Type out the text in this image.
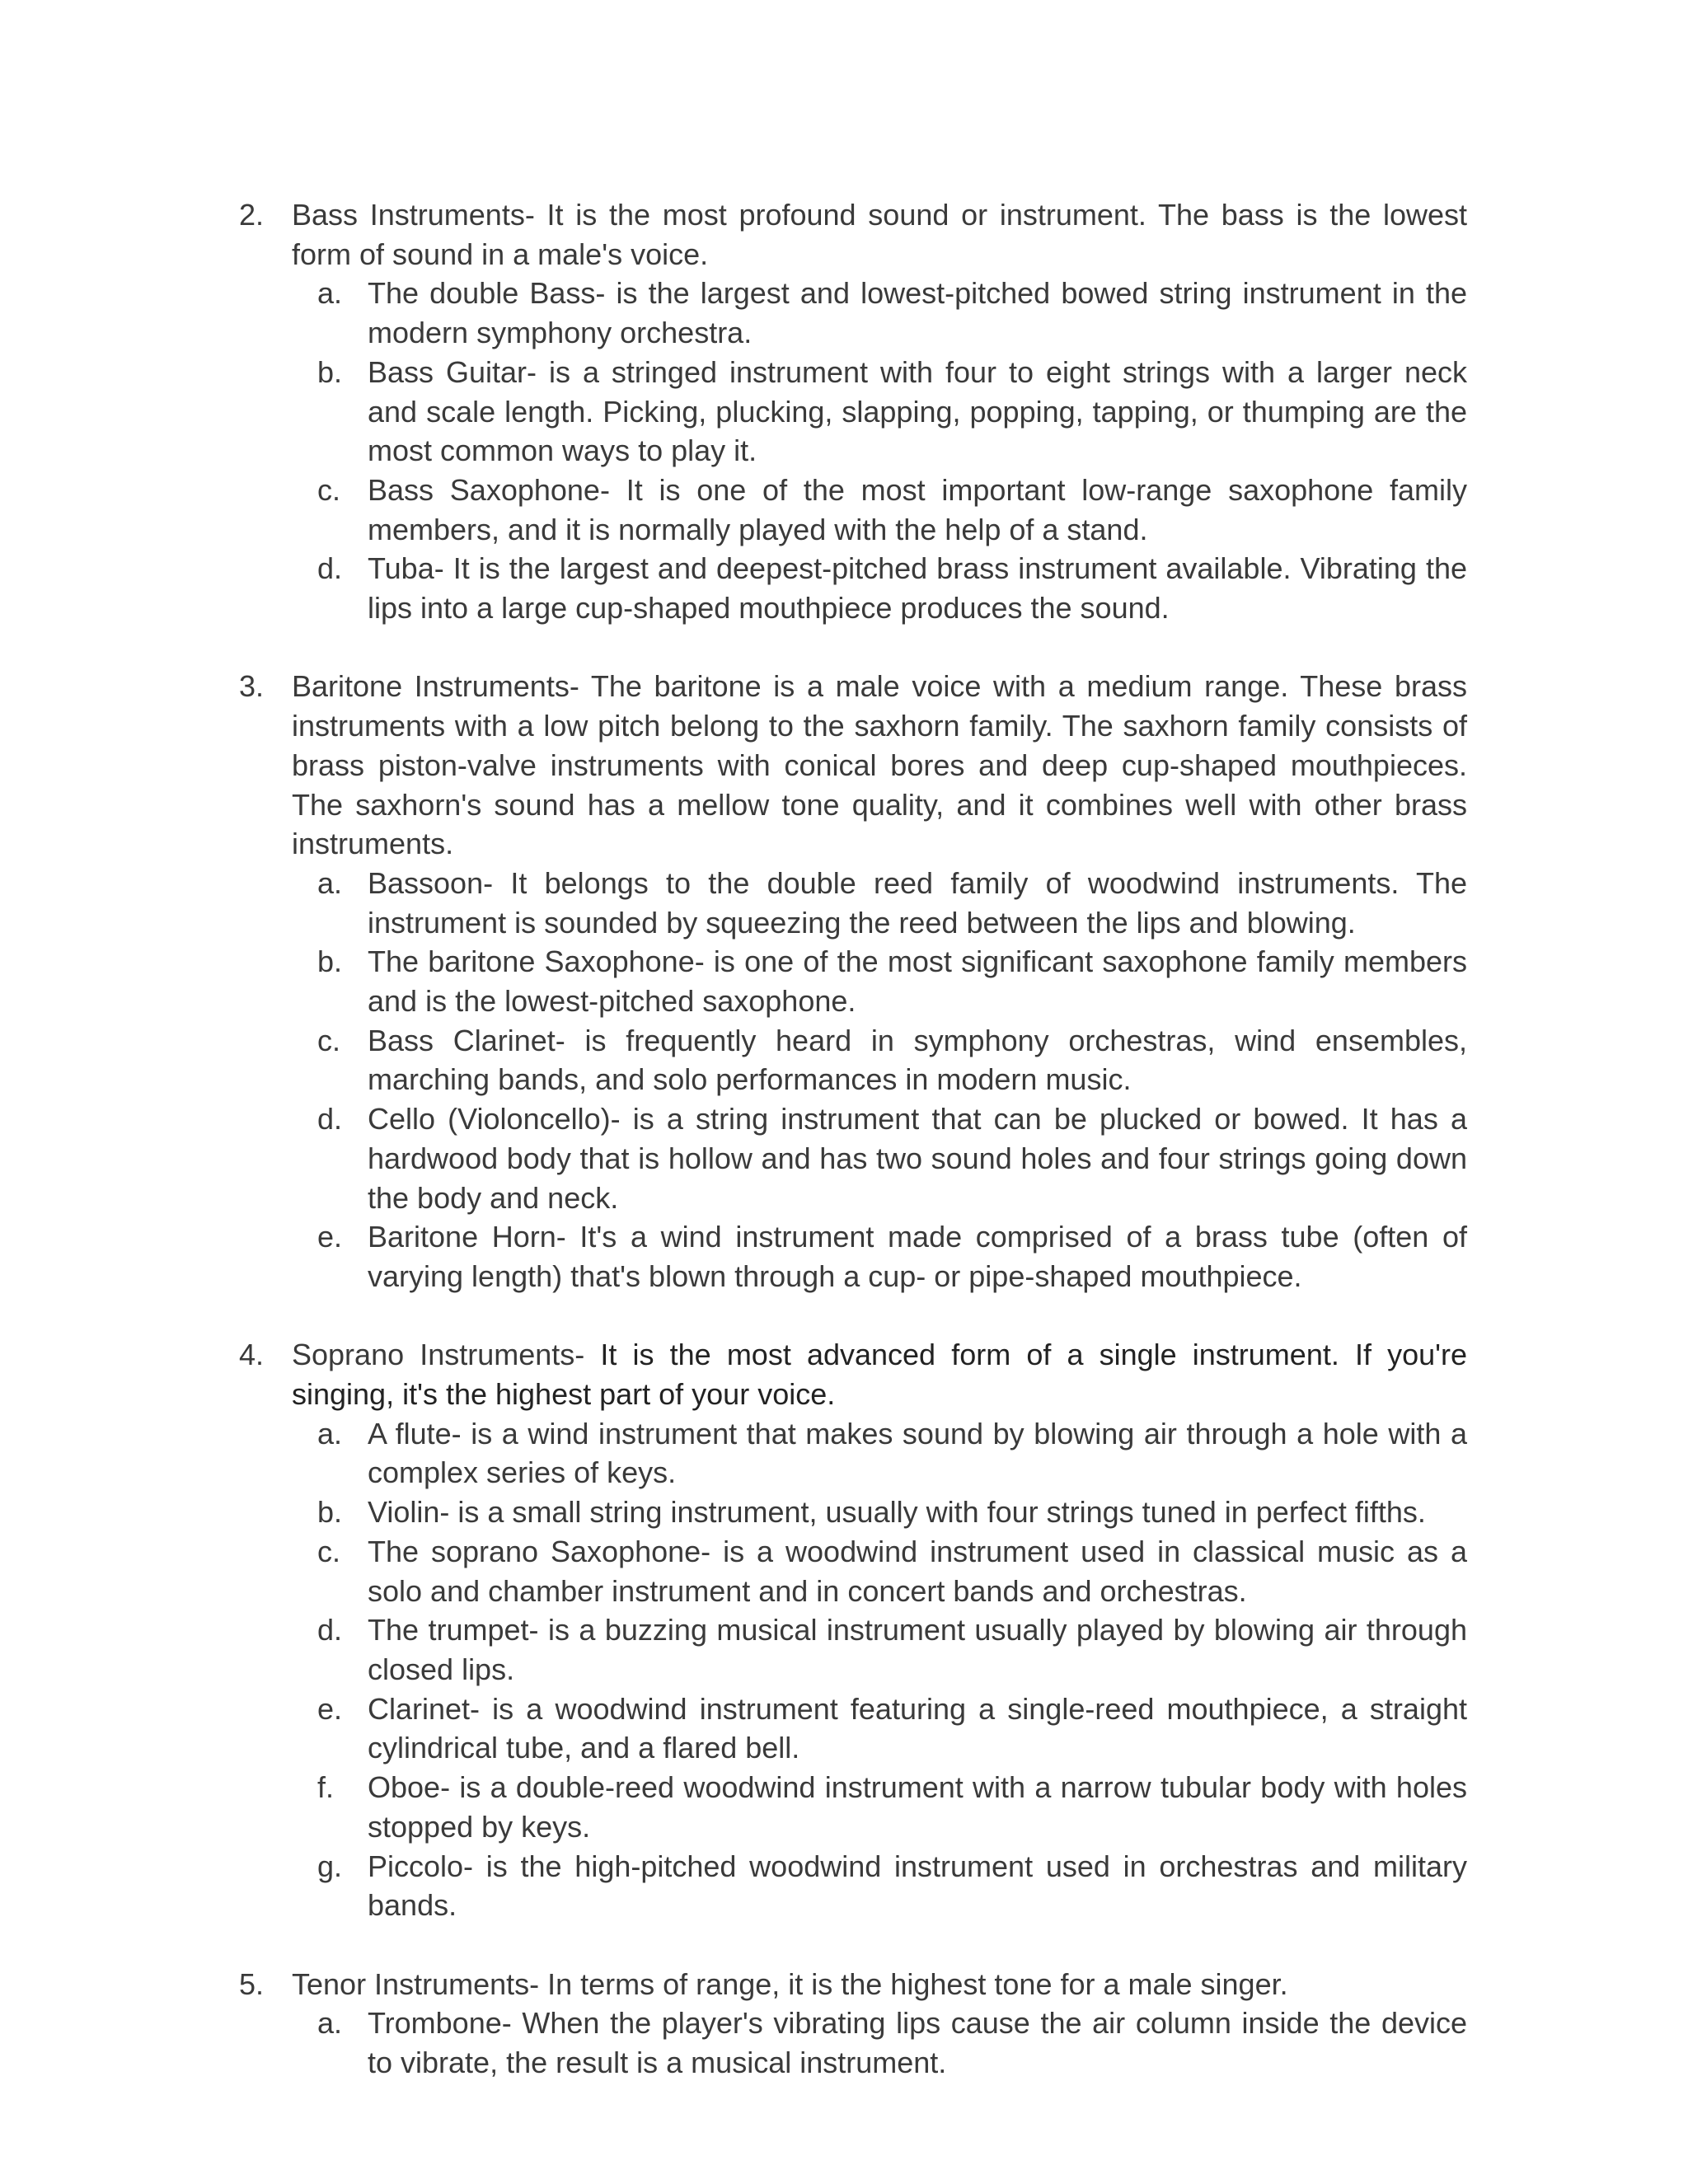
2. Bass Instruments- It is the most profound sound or instrument. The bass is the lowest form of sound in a male's voice.
a. The double Bass- is the largest and lowest-pitched bowed string instrument in the modern symphony orchestra.
b. Bass Guitar- is a stringed instrument with four to eight strings with a larger neck and scale length. Picking, plucking, slapping, popping, tapping, or thumping are the most common ways to play it.
c. Bass Saxophone- It is one of the most important low-range saxophone family members, and it is normally played with the help of a stand.
d. Tuba- It is the largest and deepest-pitched brass instrument available. Vibrating the lips into a large cup-shaped mouthpiece produces the sound.
3. Baritone Instruments- The baritone is a male voice with a medium range. These brass instruments with a low pitch belong to the saxhorn family. The saxhorn family consists of brass piston-valve instruments with conical bores and deep cup-shaped mouthpieces. The saxhorn's sound has a mellow tone quality, and it combines well with other brass instruments.
a. Bassoon- It belongs to the double reed family of woodwind instruments. The instrument is sounded by squeezing the reed between the lips and blowing.
b. The baritone Saxophone- is one of the most significant saxophone family members and is the lowest-pitched saxophone.
c. Bass Clarinet- is frequently heard in symphony orchestras, wind ensembles, marching bands, and solo performances in modern music.
d. Cello (Violoncello)- is a string instrument that can be plucked or bowed. It has a hardwood body that is hollow and has two sound holes and four strings going down the body and neck.
e. Baritone Horn- It's a wind instrument made comprised of a brass tube (often of varying length) that's blown through a cup- or pipe-shaped mouthpiece.
4. Soprano Instruments- It is the most advanced form of a single instrument. If you're singing, it's the highest part of your voice.
a. A flute- is a wind instrument that makes sound by blowing air through a hole with a complex series of keys.
b. Violin- is a small string instrument, usually with four strings tuned in perfect fifths.
c. The soprano Saxophone- is a woodwind instrument used in classical music as a solo and chamber instrument and in concert bands and orchestras.
d. The trumpet- is a buzzing musical instrument usually played by blowing air through closed lips.
e. Clarinet- is a woodwind instrument featuring a single-reed mouthpiece, a straight cylindrical tube, and a flared bell.
f.	Oboe- is a double-reed woodwind instrument with a narrow tubular body with holes stopped by keys.
g. Piccolo- is the high-pitched woodwind instrument used in orchestras and military bands.
5. Tenor Instruments- In terms of range, it is the highest tone for a male singer.
a. Trombone- When the player's vibrating lips cause the air column inside the device to vibrate, the result is a musical instrument.
